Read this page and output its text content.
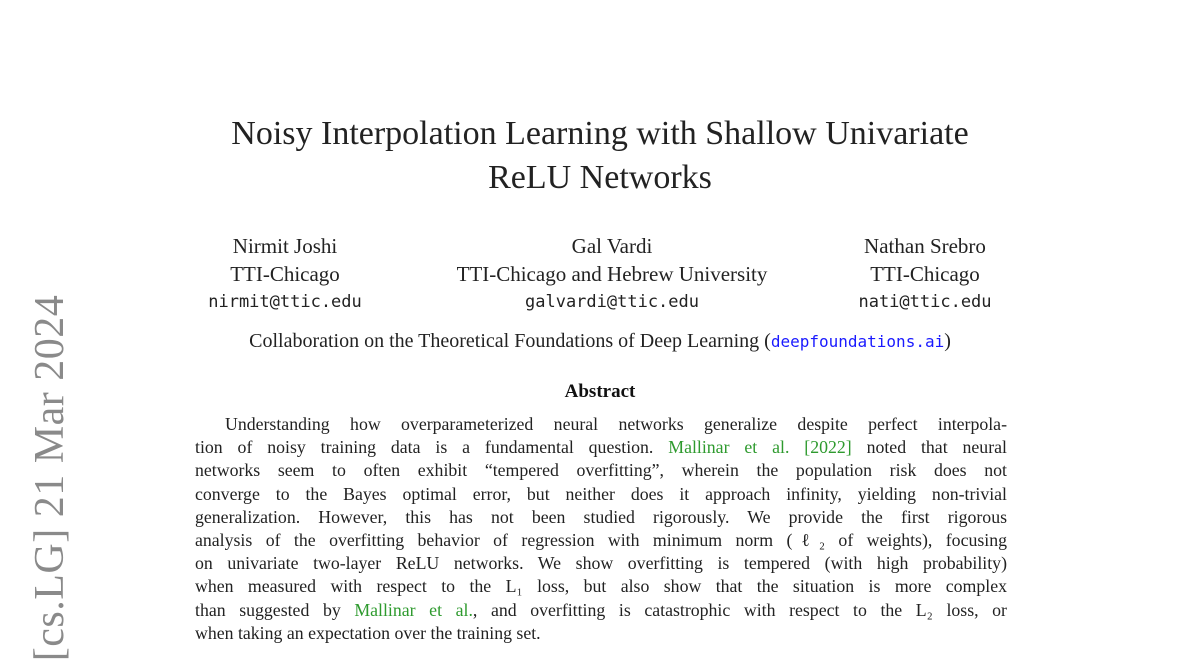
[cs.LG] 21 Mar 2024
Noisy Interpolation Learning with Shallow Univariate
ReLU Networks
Nirmit Joshi
TTI-Chicago
nirmit@ttic.edu
Gal Vardi
TTI-Chicago and Hebrew University
galvardi@ttic.edu
Nathan Srebro
TTI-Chicago
nati@ttic.edu
Collaboration on the Theoretical Foundations of Deep Learning (deepfoundations.ai)
Abstract
Understanding how overparameterized neural networks generalize despite perfect interpola-
tion of noisy training data is a fundamental question. Mallinar et al. [2022] noted that neural
networks seem to often exhibit “tempered overfitting”, wherein the population risk does not
converge to the Bayes optimal error, but neither does it approach infinity, yielding non-trivial
generalization. However, this has not been studied rigorously. We provide the first rigorous
analysis of the overfitting behavior of regression with minimum norm (ℓ₂ of weights), focusing
on univariate two-layer ReLU networks. We show overfitting is tempered (with high probability)
when measured with respect to the L₁ loss, but also show that the situation is more complex
than suggested by Mallinar et al., and overfitting is catastrophic with respect to the L₂ loss, or
when taking an expectation over the training set.
